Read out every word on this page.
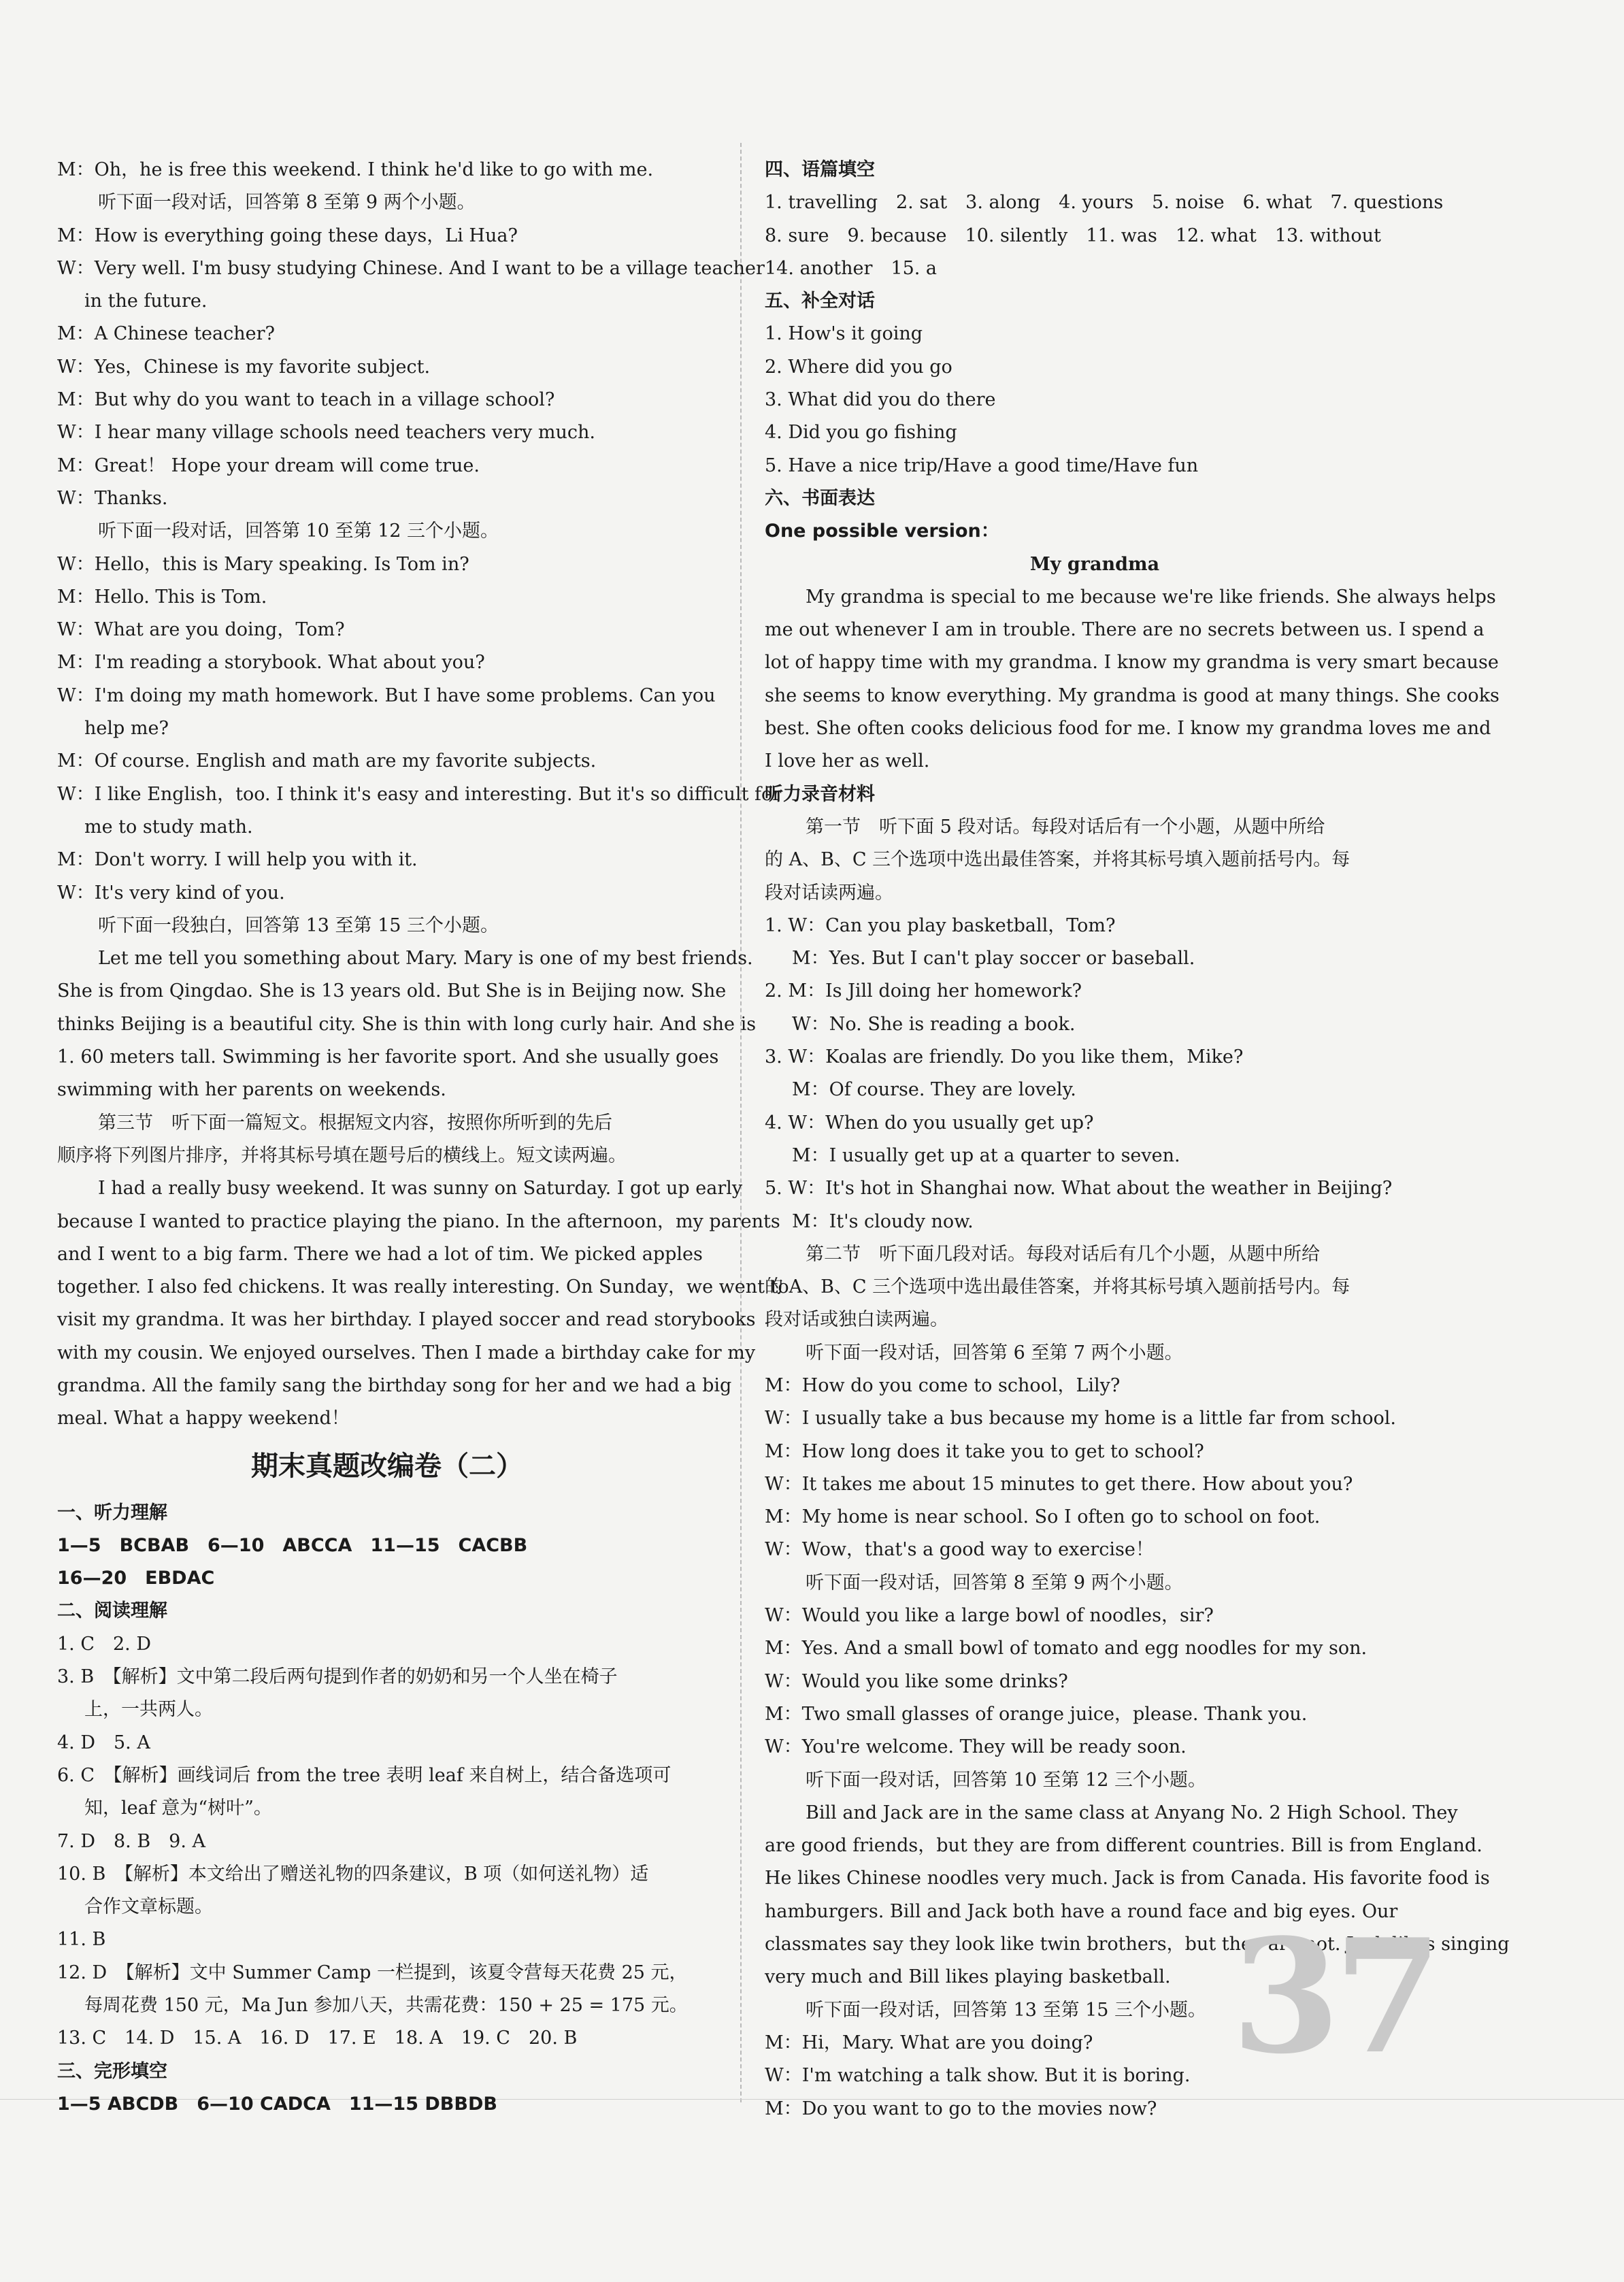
M：Oh，he is free this weekend. I think he'd like to go with me.
听下面一段对话，回答第 8 至第 9 两个小题。
M：How is everything going these days，Li Hua?
W：Very well. I'm busy studying Chinese. And I want to be a village teacher
in the future.
M：A Chinese teacher?
W：Yes，Chinese is my favorite subject.
M：But why do you want to teach in a village school?
W：I hear many village schools need teachers very much.
M：Great！ Hope your dream will come true.
W：Thanks.
听下面一段对话，回答第 10 至第 12 三个小题。
W：Hello，this is Mary speaking. Is Tom in?
M：Hello. This is Tom.
W：What are you doing，Tom?
M：I'm reading a storybook. What about you?
W：I'm doing my math homework. But I have some problems. Can you
help me?
M：Of course. English and math are my favorite subjects.
W：I like English，too. I think it's easy and interesting. But it's so difficult for
me to study math.
M：Don't worry. I will help you with it.
W：It's very kind of you.
听下面一段独白，回答第 13 至第 15 三个小题。
Let me tell you something about Mary. Mary is one of my best friends.
She is from Qingdao. She is 13 years old. But She is in Beijing now. She
thinks Beijing is a beautiful city. She is thin with long curly hair. And she is
1. 60 meters tall. Swimming is her favorite sport. And she usually goes
swimming with her parents on weekends.
第三节　听下面一篇短文。根据短文内容，按照你所听到的先后
顺序将下列图片排序，并将其标号填在题号后的横线上。短文读两遍。
I had a really busy weekend. It was sunny on Saturday. I got up early
because I wanted to practice playing the piano. In the afternoon，my parents
and I went to a big farm. There we had a lot of tim. We picked apples
together. I also fed chickens. It was really interesting. On Sunday，we went to
visit my grandma. It was her birthday. I played soccer and read storybooks
with my cousin. We enjoyed ourselves. Then I made a birthday cake for my
grandma. All the family sang the birthday song for her and we had a big
meal. What a happy weekend！
期末真题改编卷（二）
一、听力理解
1—5　BCBAB　6—10　ABCCA　11—15　CACBB
16—20　EBDAC
二、阅读理解
1. C　2. D
3. B　【解析】文中第二段后两句提到作者的奶奶和另一个人坐在椅子
上，一共两人。
4. D　5. A
6. C　【解析】画线词后 from the tree 表明 leaf 来自树上，结合备选项可
知，leaf 意为“树叶”。
7. D　8. B　9. A
10. B　【解析】本文给出了赠送礼物的四条建议，B 项（如何送礼物）适
合作文章标题。
11. B
12. D　【解析】文中 Summer Camp 一栏提到，该夏令营每天花费 25 元，
每周花费 150 元，Ma Jun 参加八天，共需花费：150 + 25 = 175 元。
13. C　14. D　15. A　16. D　17. E　18. A　19. C　20. B
三、完形填空
1—5 ABCDB　6—10 CADCA　11—15 DBBDB
四、语篇填空
1. travelling　2. sat　3. along　4. yours　5. noise　6. what　7. questions
8. sure　9. because　10. silently　11. was　12. what　13. without
14. another　15. a
五、补全对话
1. How's it going
2. Where did you go
3. What did you do there
4. Did you go fishing
5. Have a nice trip/Have a good time/Have fun
六、书面表达
One possible version：
My grandma
My grandma is special to me because we're like friends. She always helps
me out whenever I am in trouble. There are no secrets between us. I spend a
lot of happy time with my grandma. I know my grandma is very smart because
she seems to know everything. My grandma is good at many things. She cooks
best. She often cooks delicious food for me. I know my grandma loves me and
I love her as well.
听力录音材料
第一节　听下面 5 段对话。每段对话后有一个小题，从题中所给
的 A、B、C 三个选项中选出最佳答案，并将其标号填入题前括号内。每
段对话读两遍。
1. W：Can you play basketball，Tom?
M：Yes. But I can't play soccer or baseball.
2. M：Is Jill doing her homework?
W：No. She is reading a book.
3. W：Koalas are friendly. Do you like them，Mike?
M：Of course. They are lovely.
4. W：When do you usually get up?
M：I usually get up at a quarter to seven.
5. W：It's hot in Shanghai now. What about the weather in Beijing?
M：It's cloudy now.
第二节　听下面几段对话。每段对话后有几个小题，从题中所给
的 A、B、C 三个选项中选出最佳答案，并将其标号填入题前括号内。每
段对话或独白读两遍。
听下面一段对话，回答第 6 至第 7 两个小题。
M：How do you come to school，Lily?
W：I usually take a bus because my home is a little far from school.
M：How long does it take you to get to school?
W：It takes me about 15 minutes to get there. How about you?
M：My home is near school. So I often go to school on foot.
W：Wow，that's a good way to exercise！
听下面一段对话，回答第 8 至第 9 两个小题。
W：Would you like a large bowl of noodles，sir?
M：Yes. And a small bowl of tomato and egg noodles for my son.
W：Would you like some drinks?
M：Two small glasses of orange juice，please. Thank you.
W：You're welcome. They will be ready soon.
听下面一段对话，回答第 10 至第 12 三个小题。
Bill and Jack are in the same class at Anyang No. 2 High School. They
are good friends，but they are from different countries. Bill is from England.
He likes Chinese noodles very much. Jack is from Canada. His favorite food is
hamburgers. Bill and Jack both have a round face and big eyes. Our
classmates say they look like twin brothers，but they are not. Jack likes singing
very much and Bill likes playing basketball.
听下面一段对话，回答第 13 至第 15 三个小题。
M：Hi，Mary. What are you doing?
W：I'm watching a talk show. But it is boring.
M：Do you want to go to the movies now?
37
